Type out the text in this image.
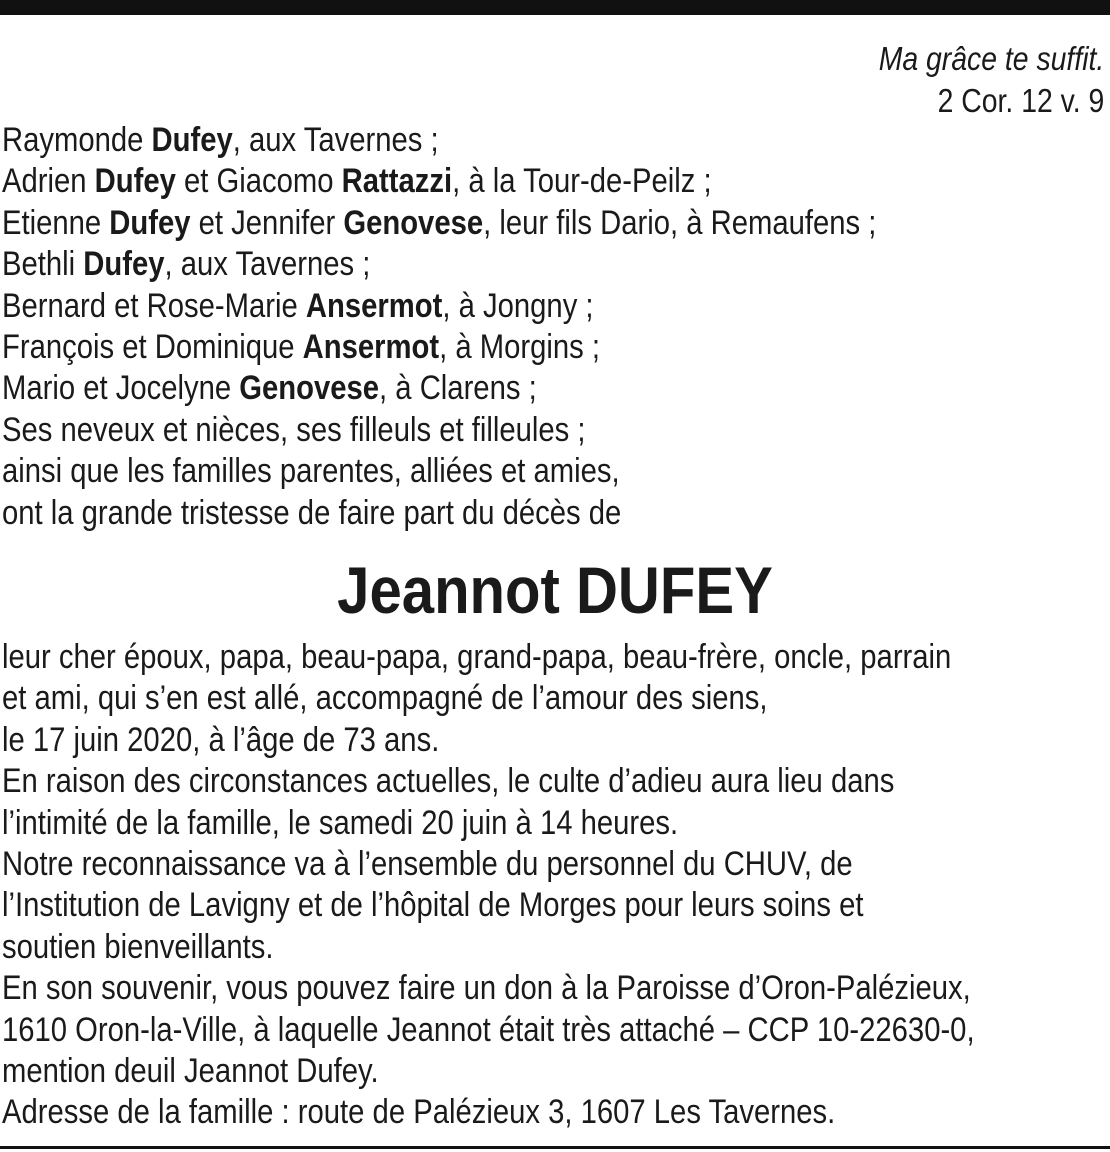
Ma grâce te suffit.
2 Cor. 12 v. 9
Raymonde Dufey, aux Tavernes ;
Adrien Dufey et Giacomo Rattazzi, à la Tour-de-Peilz ;
Etienne Dufey et Jennifer Genovese, leur fils Dario, à Remaufens ;
Bethli Dufey, aux Tavernes ;
Bernard et Rose-Marie Ansermot, à Jongny ;
François et Dominique Ansermot, à Morgins ;
Mario et Jocelyne Genovese, à Clarens ;
Ses neveux et nièces, ses filleuls et filleules ;
ainsi que les familles parentes, alliées et amies,
ont la grande tristesse de faire part du décès de
Jeannot DUFEY
leur cher époux, papa, beau-papa, grand-papa, beau-frère, oncle, parrain
et ami, qui s’en est allé, accompagné de l’amour des siens,
le 17 juin 2020, à l’âge de 73 ans.
En raison des circonstances actuelles, le culte d’adieu aura lieu dans
l’intimité de la famille, le samedi 20 juin à 14 heures.
Notre reconnaissance va à l’ensemble du personnel du CHUV, de
l’Institution de Lavigny et de l’hôpital de Morges pour leurs soins et
soutien bienveillants.
En son souvenir, vous pouvez faire un don à la Paroisse d’Oron-Palézieux,
1610 Oron-la-Ville, à laquelle Jeannot était très attaché – CCP 10-22630-0,
mention deuil Jeannot Dufey.
Adresse de la famille : route de Palézieux 3, 1607 Les Tavernes.
